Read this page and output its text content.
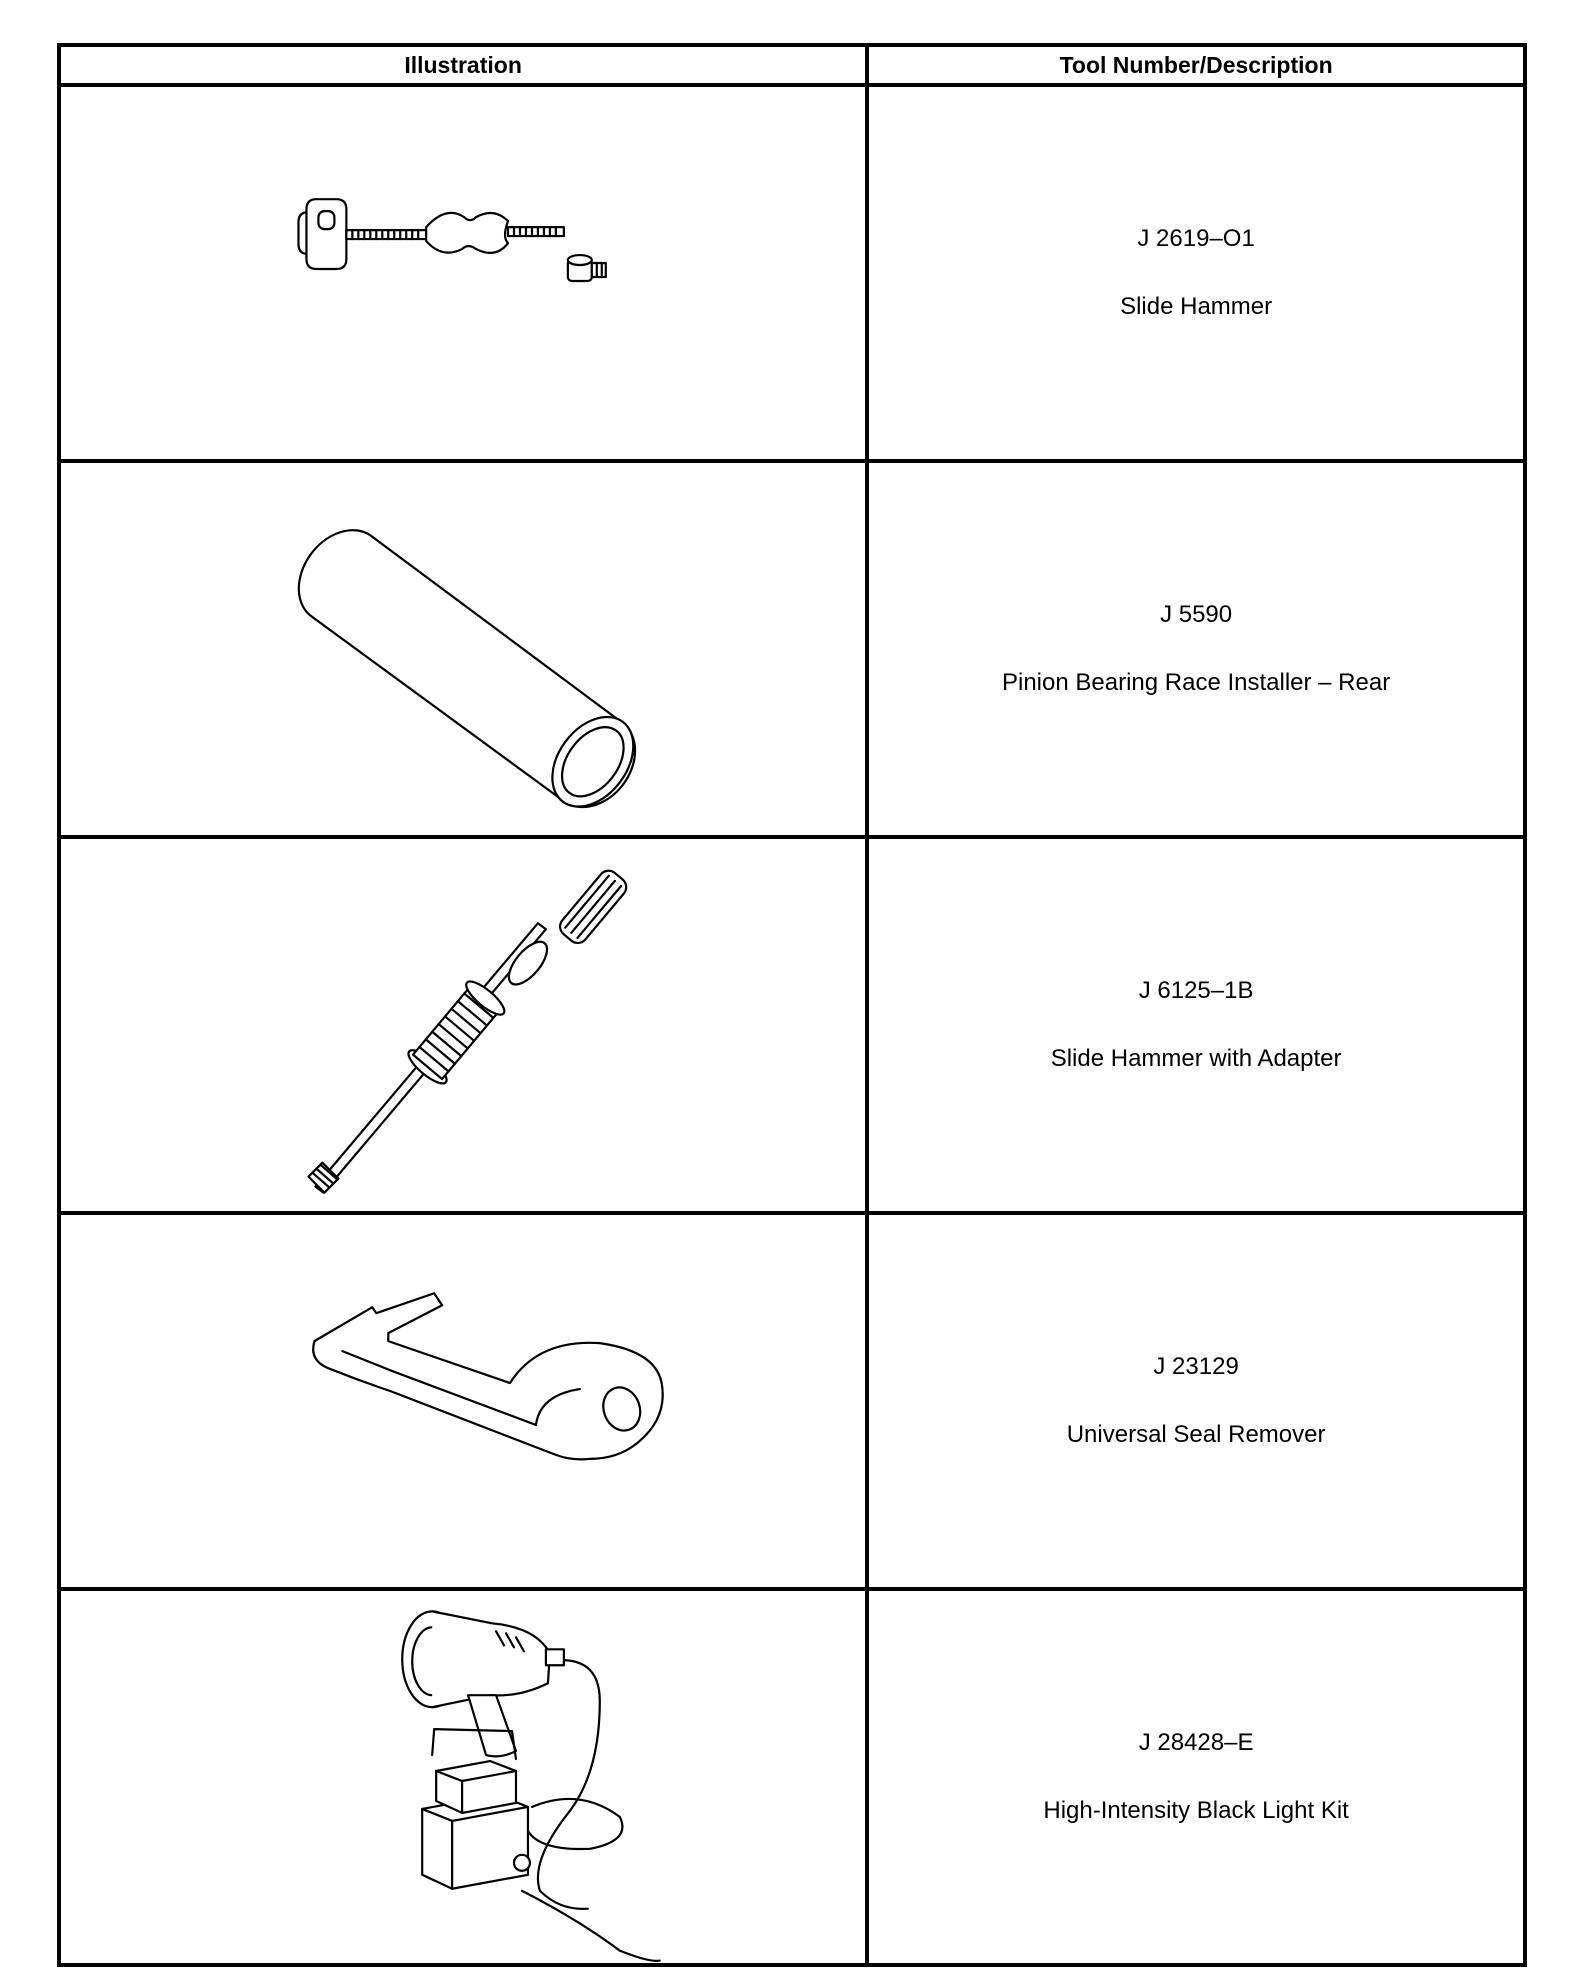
Illustration	Tool Number/Description

J 2619–O1
Slide Hammer

J 5590
Pinion Bearing Race Installer – Rear

J 6125–1B
Slide Hammer with Adapter

J 23129
Universal Seal Remover

J 28428–E
High-Intensity Black Light Kit
